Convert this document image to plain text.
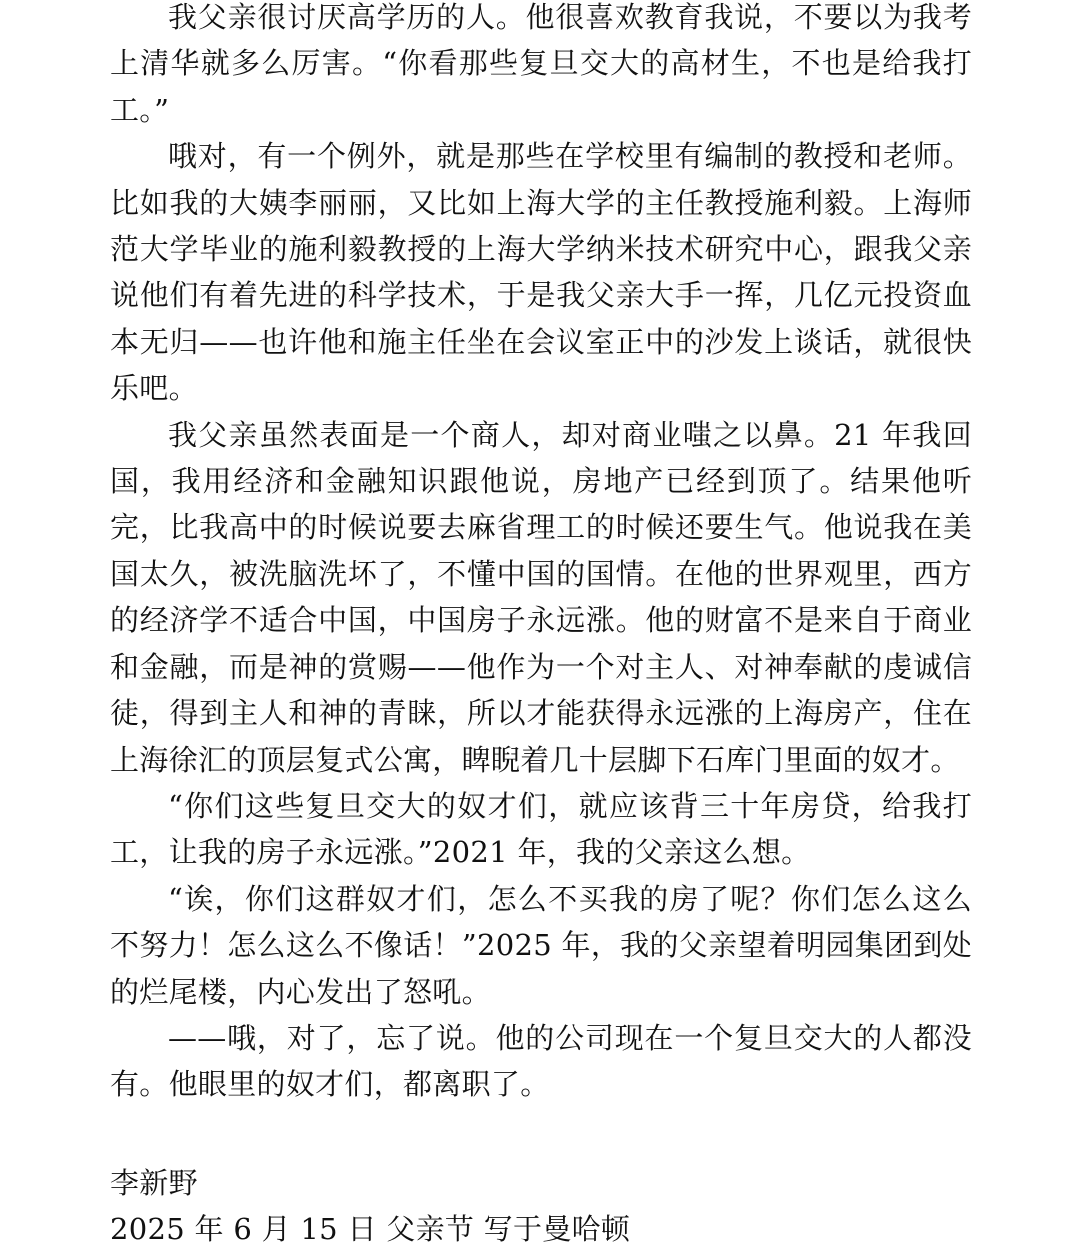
我父亲很讨厌高学历的人。他很喜欢教育我说，不要以为我考上清华就多么厉害。“你看那些复旦交大的高材生，不也是给我打工。”

哦对，有一个例外，就是那些在学校里有编制的教授和老师。比如我的大姨李丽丽，又比如上海大学的主任教授施利毅。上海师范大学毕业的施利毅教授的上海大学纳米技术研究中心，跟我父亲说他们有着先进的科学技术，于是我父亲大手一挥，几亿元投资血本无归——也许他和施主任坐在会议室正中的沙发上谈话，就很快乐吧。

我父亲虽然表面是一个商人，却对商业嗤之以鼻。21 年我回国，我用经济和金融知识跟他说，房地产已经到顶了。结果他听完，比我高中的时候说要去麻省理工的时候还要生气。他说我在美国太久，被洗脑洗坏了，不懂中国的国情。在他的世界观里，西方的经济学不适合中国，中国房子永远涨。他的财富不是来自于商业和金融，而是神的赏赐——他作为一个对主人、对神奉献的虔诚信徒，得到主人和神的青睐，所以才能获得永远涨的上海房产，住在上海徐汇的顶层复式公寓，睥睨着几十层脚下石库门里面的奴才。

“你们这些复旦交大的奴才们，就应该背三十年房贷，给我打工，让我的房子永远涨。”2021 年，我的父亲这么想。

“诶，你们这群奴才们，怎么不买我的房了呢？你们怎么这么不努力！怎么这么不像话！”2025 年，我的父亲望着明园集团到处的烂尾楼，内心发出了怒吼。

——哦，对了，忘了说。他的公司现在一个复旦交大的人都没有。他眼里的奴才们，都离职了。

李新野

2025 年 6 月 15 日 父亲节 写于曼哈顿
